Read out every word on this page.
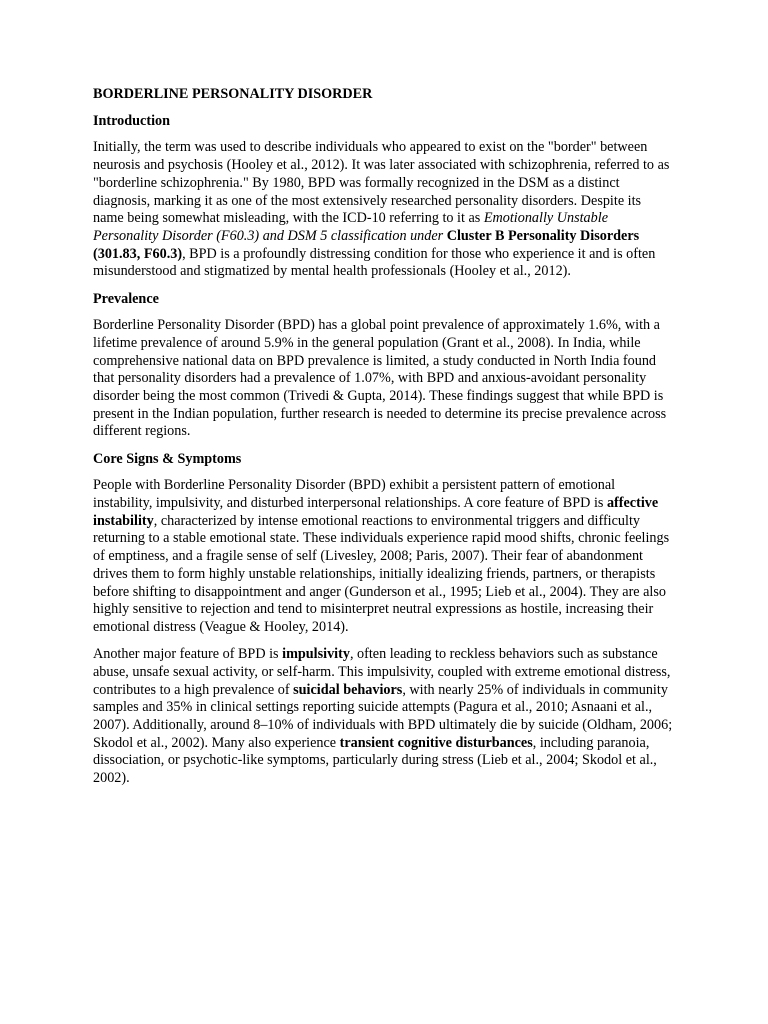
BORDERLINE PERSONALITY DISORDER
Introduction

Initially, the term was used to describe individuals who appeared to exist on the "border" between neurosis and psychosis (Hooley et al., 2012). It was later associated with schizophrenia, referred to as "borderline schizophrenia." By 1980, BPD was formally recognized in the DSM as a distinct diagnosis, marking it as one of the most extensively researched personality disorders. Despite its name being somewhat misleading, with the ICD-10 referring to it as Emotionally Unstable Personality Disorder (F60.3) and DSM 5 classification under Cluster B Personality Disorders (301.83, F60.3), BPD is a profoundly distressing condition for those who experience it and is often misunderstood and stigmatized by mental health professionals (Hooley et al., 2012).

Prevalence

Borderline Personality Disorder (BPD) has a global point prevalence of approximately 1.6%, with a lifetime prevalence of around 5.9% in the general population (Grant et al., 2008). In India, while comprehensive national data on BPD prevalence is limited, a study conducted in North India found that personality disorders had a prevalence of 1.07%, with BPD and anxious-avoidant personality disorder being the most common (Trivedi & Gupta, 2014). These findings suggest that while BPD is present in the Indian population, further research is needed to determine its precise prevalence across different regions.

Core Signs & Symptoms

People with Borderline Personality Disorder (BPD) exhibit a persistent pattern of emotional instability, impulsivity, and disturbed interpersonal relationships. A core feature of BPD is affective instability, characterized by intense emotional reactions to environmental triggers and difficulty returning to a stable emotional state. These individuals experience rapid mood shifts, chronic feelings of emptiness, and a fragile sense of self (Livesley, 2008; Paris, 2007). Their fear of abandonment drives them to form highly unstable relationships, initially idealizing friends, partners, or therapists before shifting to disappointment and anger (Gunderson et al., 1995; Lieb et al., 2004). They are also highly sensitive to rejection and tend to misinterpret neutral expressions as hostile, increasing their emotional distress (Veague & Hooley, 2014).

Another major feature of BPD is impulsivity, often leading to reckless behaviors such as substance abuse, unsafe sexual activity, or self-harm. This impulsivity, coupled with extreme emotional distress, contributes to a high prevalence of suicidal behaviors, with nearly 25% of individuals in community samples and 35% in clinical settings reporting suicide attempts (Pagura et al., 2010; Asnaani et al., 2007). Additionally, around 8–10% of individuals with BPD ultimately die by suicide (Oldham, 2006; Skodol et al., 2002). Many also experience transient cognitive disturbances, including paranoia, dissociation, or psychotic-like symptoms, particularly during stress (Lieb et al., 2004; Skodol et al., 2002).
